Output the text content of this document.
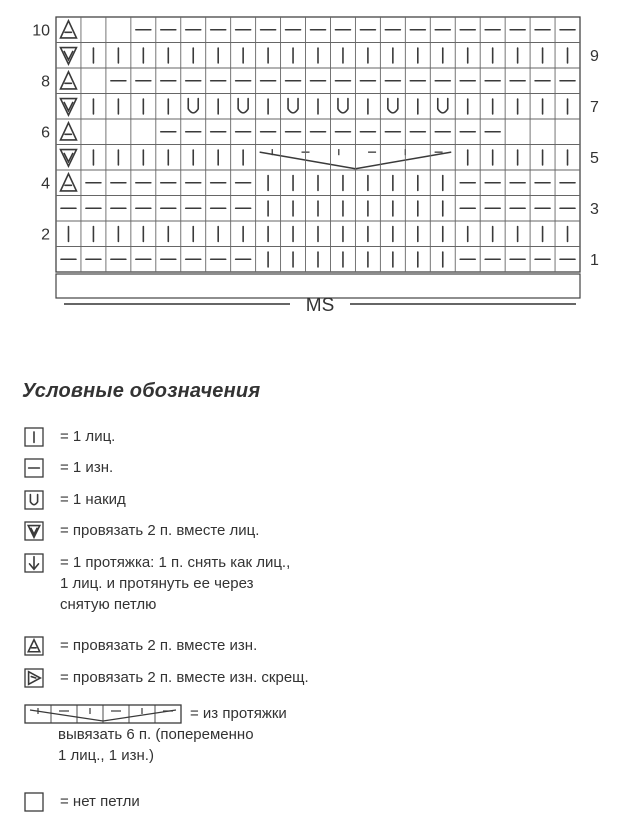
10
8
6
4
2
9
7
5
3
1
MS
Условные обозначения
= 1 лиц.
= 1 изн.
= 1 накид
= провязать 2 п. вместе лиц.
= 1 протяжка: 1 п. снять как лиц.,
1 лиц. и протянуть ее через
снятую петлю
= провязать 2 п. вместе изн.
= провязать 2 п. вместе изн. скрещ.
= из протяжки
вывязать 6 п. (попеременно
1 лиц., 1 изн.)
= нет петли
